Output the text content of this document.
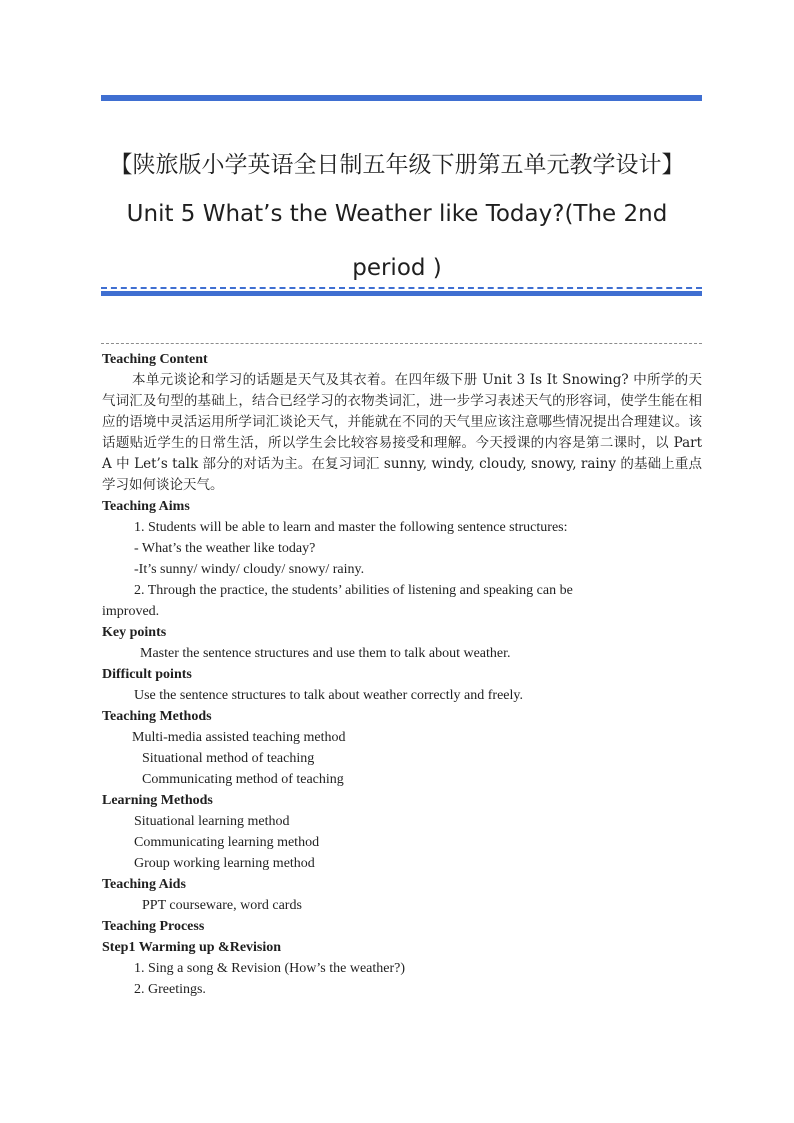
【陕旅版小学英语全日制五年级下册第五单元教学设计】
Unit 5 What’s the Weather like Today?(The 2nd
period )
Teaching Content
本单元谈论和学习的话题是天气及其衣着。在四年级下册 Unit 3 Is It Snowing? 中所学的天气词汇及句型的基础上，结合已经学习的衣物类词汇，进一步学习表述天气的形容词，使学生能在相应的语境中灵活运用所学词汇谈论天气，并能就在不同的天气里应该注意哪些情况提出合理建议。该话题贴近学生的日常生活，所以学生会比较容易接受和理解。今天授课的内容是第二课时，以 Part A 中 Let’s talk 部分的对话为主。在复习词汇 sunny, windy, cloudy, snowy, rainy 的基础上重点学习如何谈论天气。
Teaching Aims
1. Students will be able to learn and master the following sentence structures:
- What’s the weather like today?
-It’s sunny/ windy/ cloudy/ snowy/ rainy.
2. Through the practice, the students’ abilities of listening and speaking can be
improved.
Key points
Master the sentence structures and use them to talk about weather.
Difficult points
Use the sentence structures to talk about weather correctly and freely.
Teaching Methods
Multi-media assisted teaching method
Situational method of teaching
Communicating method of teaching
Learning Methods
Situational learning method
Communicating learning method
Group working learning method
Teaching Aids
PPT courseware, word cards
Teaching Process
Step1 Warming up &Revision
1. Sing a song & Revision (How’s the weather?)
2. Greetings.
